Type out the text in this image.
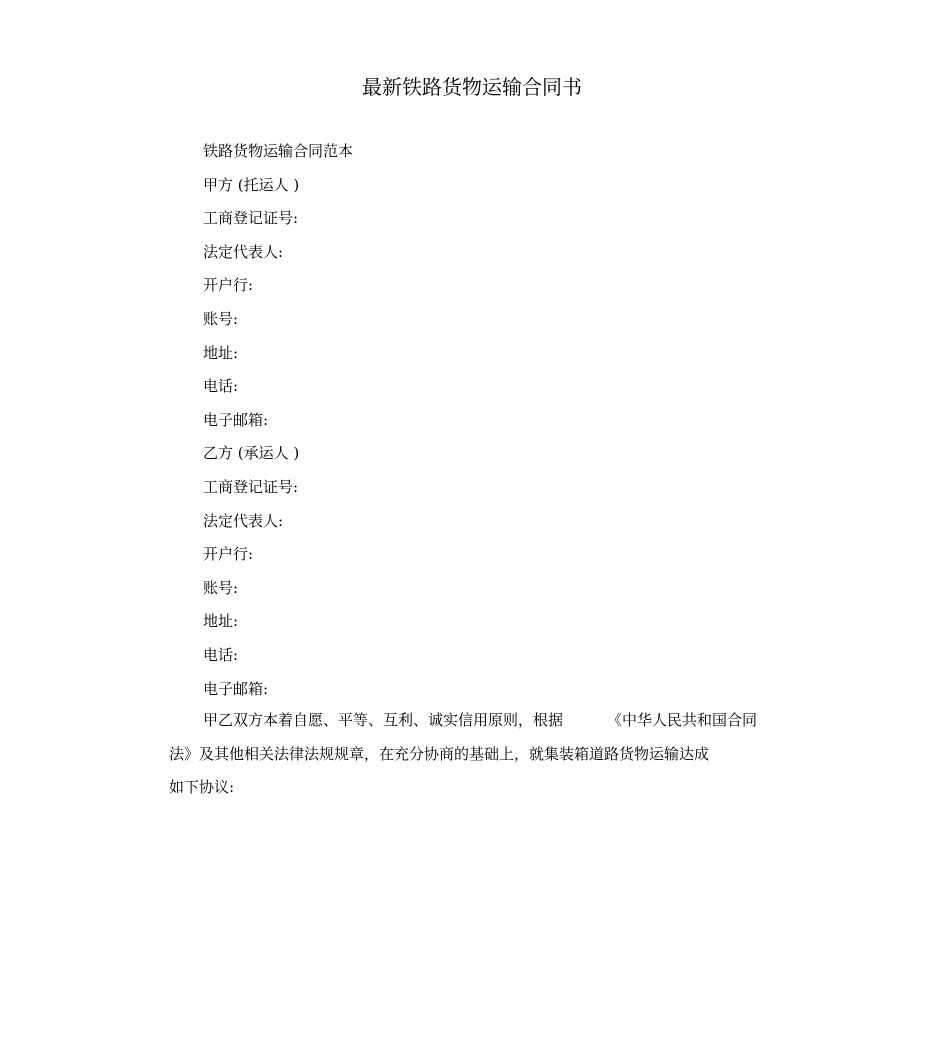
最新铁路货物运输合同书
铁路货物运输合同范本
甲方 (托运人 )
工商登记证号:
法定代表人:
开户行:
账号:
地址:
电话:
电子邮箱:
乙方 (承运人 )
工商登记证号:
法定代表人:
开户行:
账号:
地址:
电话:
电子邮箱:
甲乙双方本着自愿、平等、互利、诚实信用原则，根据	《中华人民共和国合同
法》及其他相关法律法规规章，在充分协商的基础上，就集装箱道路货物运输达成
如下协议:
